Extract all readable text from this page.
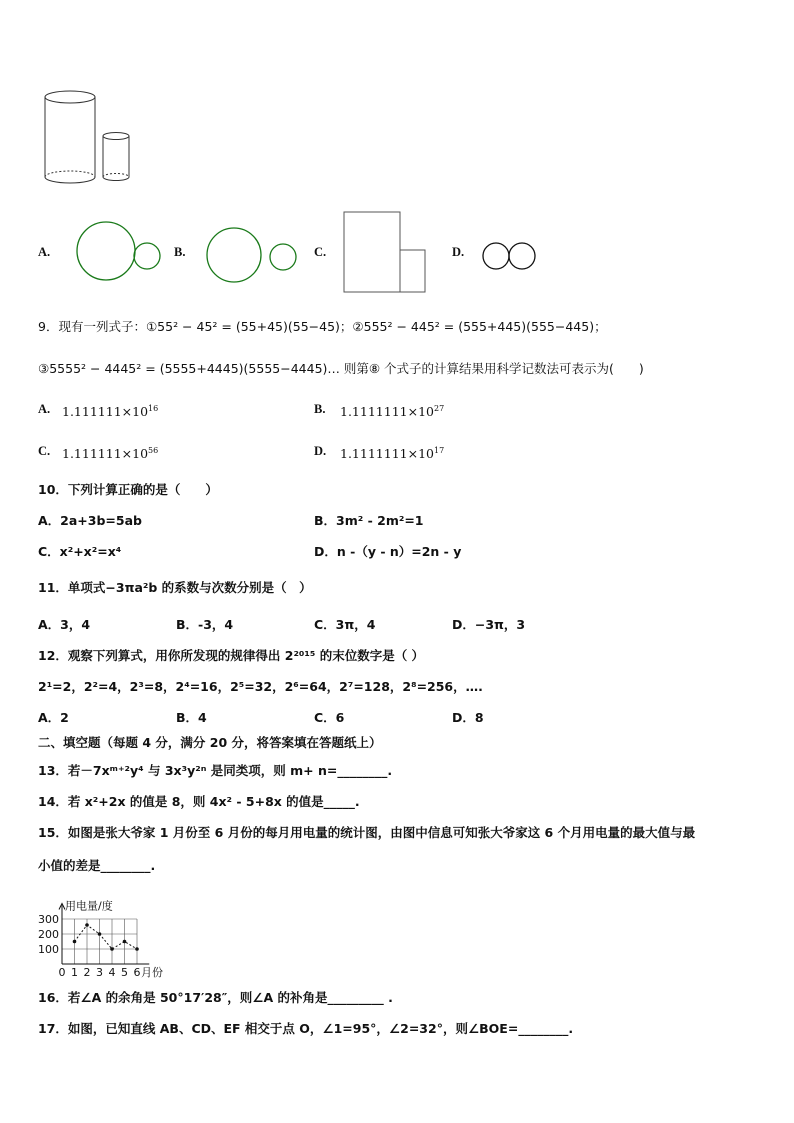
A.	B.	C.	D.
9．现有一列式子：①55² − 45² = (55+45)(55−45)；②555² − 445² = (555+445)(555−445)；
③5555² − 4445² = (5555+4445)(5555−4445)… 则第⑧ 个式子的计算结果用科学记数法可表示为(　　)
A. $1.111111\times 10^{16}$	B. $1.1111111\times 10^{27}$
C. $1.111111\times 10^{56}$	D. $1.1111111\times 10^{17}$
10．下列计算正确的是（　　）
A．2a+3b=5ab	B．3m² - 2m²=1
C．x²+x²=x⁴	D．n -（y - n）=2n - y
11．单项式−3πa²b 的系数与次数分别是（　）
A．3，4	B．-3，4	C．3π，4	D．−3π，3
12．观察下列算式，用你所发现的规律得出 2²⁰¹⁵ 的末位数字是（ ）
2¹=2，2²=4，2³=8，2⁴=16，2⁵=32，2⁶=64，2⁷=128，2⁸=256，….
A．2	B．4	C．6	D．8
二、填空题（每题 4 分，满分 20 分，将答案填在答题纸上）
13．若－7xᵐ⁺²y⁴ 与 3x³y²ⁿ 是同类项，则 m+ n=________.
14．若 x²+2x 的值是 8，则 4x² - 5+8x 的值是_____.
15．如图是张大爷家 1 月份至 6 月份的每月用电量的统计图，由图中信息可知张大爷家这 6 个月用电量的最大值与最
小值的差是________.
100
200
300
0 1 2 3 4 5 6
用电量/度
月份
16．若∠A 的余角是 50°17′28″，则∠A 的补角是_________ .
17．如图，已知直线 AB、CD、EF 相交于点 O，∠1=95°，∠2=32°，则∠BOE=________.
